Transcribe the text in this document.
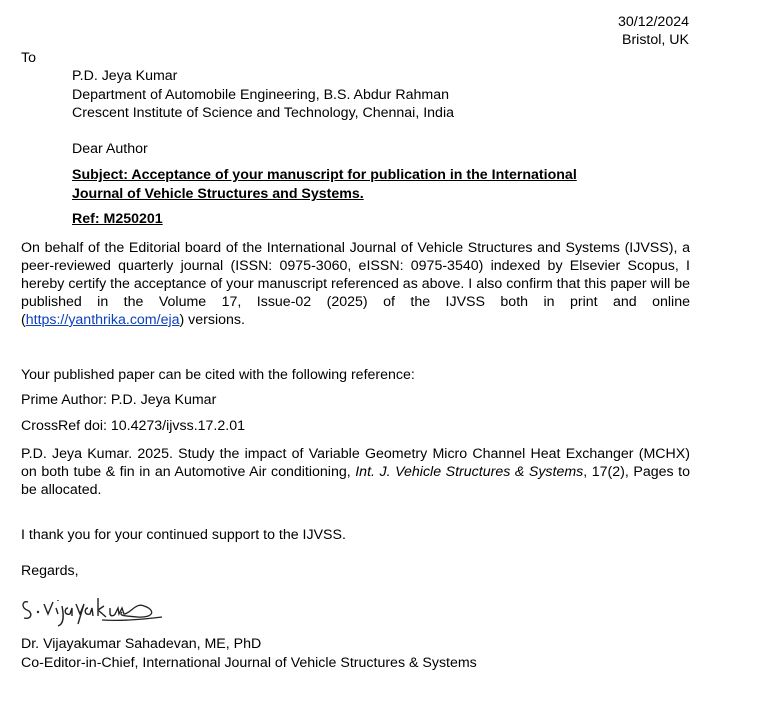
30/12/2024
Bristol, UK
To
P.D. Jeya Kumar
Department of Automobile Engineering, B.S. Abdur Rahman
Crescent Institute of Science and Technology, Chennai, India
Dear Author
Subject: Acceptance of your manuscript for publication in the International
Journal of Vehicle Structures and Systems.
Ref: M250201
On behalf of the Editorial board of the International Journal of Vehicle Structures and Systems (IJVSS), a peer-reviewed quarterly journal (ISSN: 0975-3060, eISSN: 0975-3540) indexed by Elsevier Scopus, I hereby certify the acceptance of your manuscript referenced as above. I also confirm that this paper will be published in the Volume 17, Issue-02 (2025) of the IJVSS both in print and online (https://yanthrika.com/eja) versions.
Your published paper can be cited with the following reference:
Prime Author: P.D. Jeya Kumar
CrossRef doi: 10.4273/ijvss.17.2.01
P.D. Jeya Kumar. 2025. Study the impact of Variable Geometry Micro Channel Heat Exchanger (MCHX) on both tube & fin in an Automotive Air conditioning, Int. J. Vehicle Structures & Systems, 17(2), Pages to be allocated.
I thank you for your continued support to the IJVSS.
Regards,
Dr. Vijayakumar Sahadevan, ME, PhD
Co-Editor-in-Chief, International Journal of Vehicle Structures & Systems
